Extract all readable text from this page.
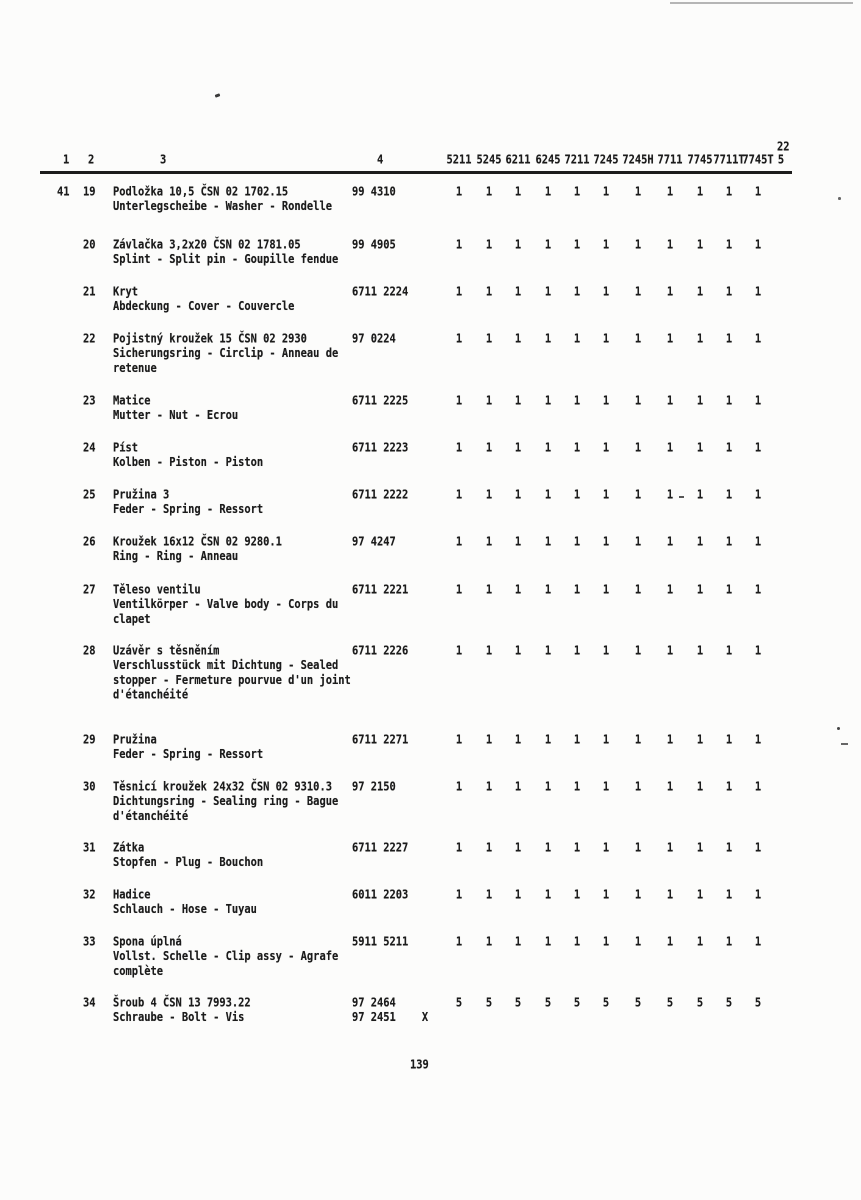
22
1 2	3	4	5211 5245 6211 6245 7211 7245 7245H 7711 7745 7711T
7745T 5
41 19 Podložka 10,5 ČSN 02 1702.15
Unterlegscheibe - Washer - Rondelle
99 4310	1 1 1 1 1 1 1 1 1 1 1
20 Závlačka 3,2x20 ČSN 02 1781.05
Splint - Split pin - Goupille fendue
99 4905	1 1 1 1 1 1 1 1 1 1 1
21 Kryt
Abdeckung - Cover - Couvercle
6711 2224	1 1 1 1 1 1 1 1 1 1 1
22 Pojistný kroužek 15 ČSN 02 2930
Sicherungsring - Circlip - Anneau de
retenue
97 0224	1 1 1 1 1 1 1 1 1 1 1
23 Matice
Mutter - Nut - Ecrou
6711 2225	1 1 1 1 1 1 1 1 1 1 1
24 Píst
Kolben - Piston - Piston
6711 2223	1 1 1 1 1 1 1 1 1 1 1
25 Pružina 3
Feder - Spring - Ressort
6711 2222	1 1 1 1 1 1 1 1 1 1 1
26 Kroužek 16x12 ČSN 02 9280.1
Ring - Ring - Anneau
97 4247	1 1 1 1 1 1 1 1 1 1 1
27 Těleso ventilu
Ventilkörper - Valve body - Corps du
clapet
6711 2221	1 1 1 1 1 1 1 1 1 1 1
28 Uzávěr s těsněním
Verschlusstück mit Dichtung - Sealed
stopper - Fermeture pourvue d'un joint
d'étanchéité
6711 2226	1 1 1 1 1 1 1 1 1 1 1
29 Pružina
Feder - Spring - Ressort
6711 2271	1 1 1 1 1 1 1 1 1 1 1
30 Těsnicí kroužek 24x32 ČSN 02 9310.3
Dichtungsring - Sealing ring - Bague
d'étanchéité
97 2150	1 1 1 1 1 1 1 1 1 1 1
31 Zátka
Stopfen - Plug - Bouchon
6711 2227	1 1 1 1 1 1 1 1 1 1 1
32 Hadice
Schlauch - Hose - Tuyau
6011 2203	1 1 1 1 1 1 1 1 1 1 1
33 Spona úplná
Vollst. Schelle - Clip assy - Agrafe
complète
5911 5211	1 1 1 1 1 1 1 1 1 1 1
34 Šroub 4 ČSN 13 7993.22
Schraube - Bolt - Vis
97 2464	5 5 5 5 5 5 5 5 5 5 5
97 2451	X
139
